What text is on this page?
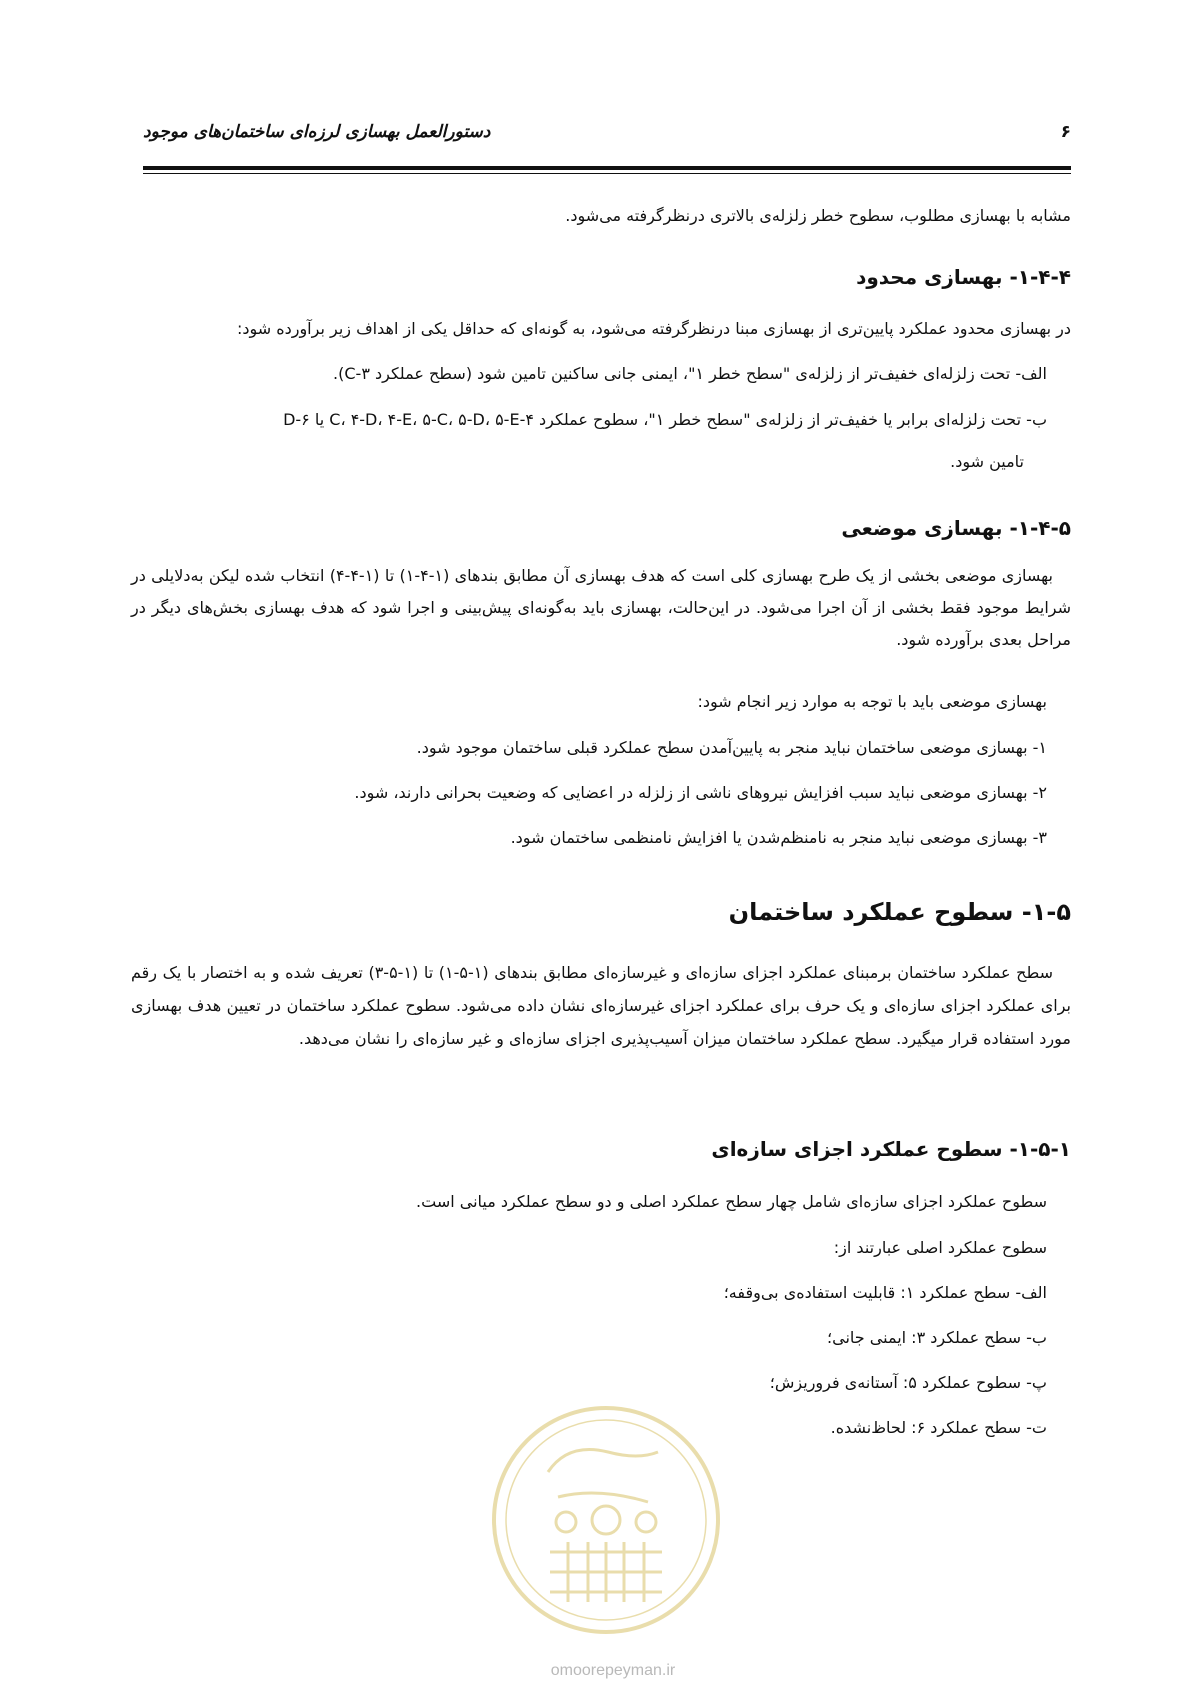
۶
دستورالعمل بهسازی لرزه‌ای ساختمان‌های موجود
مشابه با بهسازی مطلوب، سطوح خطر زلزله‌ی بالاتری درنظرگرفته می‌شود.
۱-۴-۴- بهسازی محدود
در بهسازی محدود عملکرد پایین‌تری از بهسازی مبنا درنظرگرفته می‌شود، به گونه‌ای که حداقل یکی از اهداف زیر برآورده شود:
الف- تحت زلزله‌ای خفیف‌تر از زلزله‌ی "سطح خطر ۱"، ایمنی جانی ساکنین تامین شود (سطح عملکرد ۳-C).
ب- تحت زلزله‌ای برابر یا خفیف‌تر از زلزله‌ی "سطح خطر ۱"، سطوح عملکرد ۴-C، ۴-D، ۴-E، ۵-C، ۵-D، ۵-E یا ۶-D
تامین شود.
۱-۴-۵- بهسازی موضعی
بهسازی موضعی بخشی از یک طرح بهسازی کلی است که هدف بهسازی آن مطابق بندهای (۱-۴-۱) تا (۱-۴-۴) انتخاب شده لیکن به‌دلایلی در شرایط موجود فقط بخشی از آن اجرا می‌شود. در این‌حالت، بهسازی باید به‌گونه‌ای پیش‌بینی و اجرا شود که هدف بهسازی بخش‌های دیگر در مراحل بعدی برآورده شود.
بهسازی موضعی باید با توجه به موارد زیر انجام شود:
۱- بهسازی موضعی ساختمان نباید منجر به پایین‌آمدن سطح عملکرد قبلی ساختمان موجود شود.
۲- بهسازی موضعی نباید سبب افزایش نیروهای ناشی از زلزله در اعضایی که وضعیت بحرانی دارند، شود.
۳- بهسازی موضعی نباید منجر به نامنظم‌شدن یا افزایش نامنظمی ساختمان شود.
۱-۵- سطوح عملکرد ساختمان
سطح عملکرد ساختمان برمبنای عملکرد اجزای سازه‌ای و غیرسازه‌ای مطابق بندهای (۱-۵-۱) تا (۱-۵-۳) تعریف شده و به اختصار با یک رقم برای عملکرد اجزای سازه‌ای و یک حرف برای عملکرد اجزای غیرسازه‌ای نشان داده می‌شود. سطوح عملکرد ساختمان در تعیین هدف بهسازی مورد استفاده قرار میگیرد. سطح عملکرد ساختمان میزان آسیب‌پذیری اجزای سازه‌ای و غیر سازه‌ای را نشان می‌دهد.
۱-۵-۱- سطوح عملکرد اجزای سازه‌ای
سطوح عملکرد اجزای سازه‌ای شامل چهار سطح عملکرد اصلی و دو سطح عملکرد میانی است.
سطوح عملکرد اصلی عبارتند از:
الف- سطح عملکرد ۱: قابلیت استفاده‌ی بی‌وقفه؛
ب- سطح عملکرد ۳: ایمنی جانی؛
پ- سطوح عملکرد ۵: آستانه‌ی فروریزش؛
ت- سطح عملکرد ۶: لحاظ‌نشده.
omoorepeyman.ir
